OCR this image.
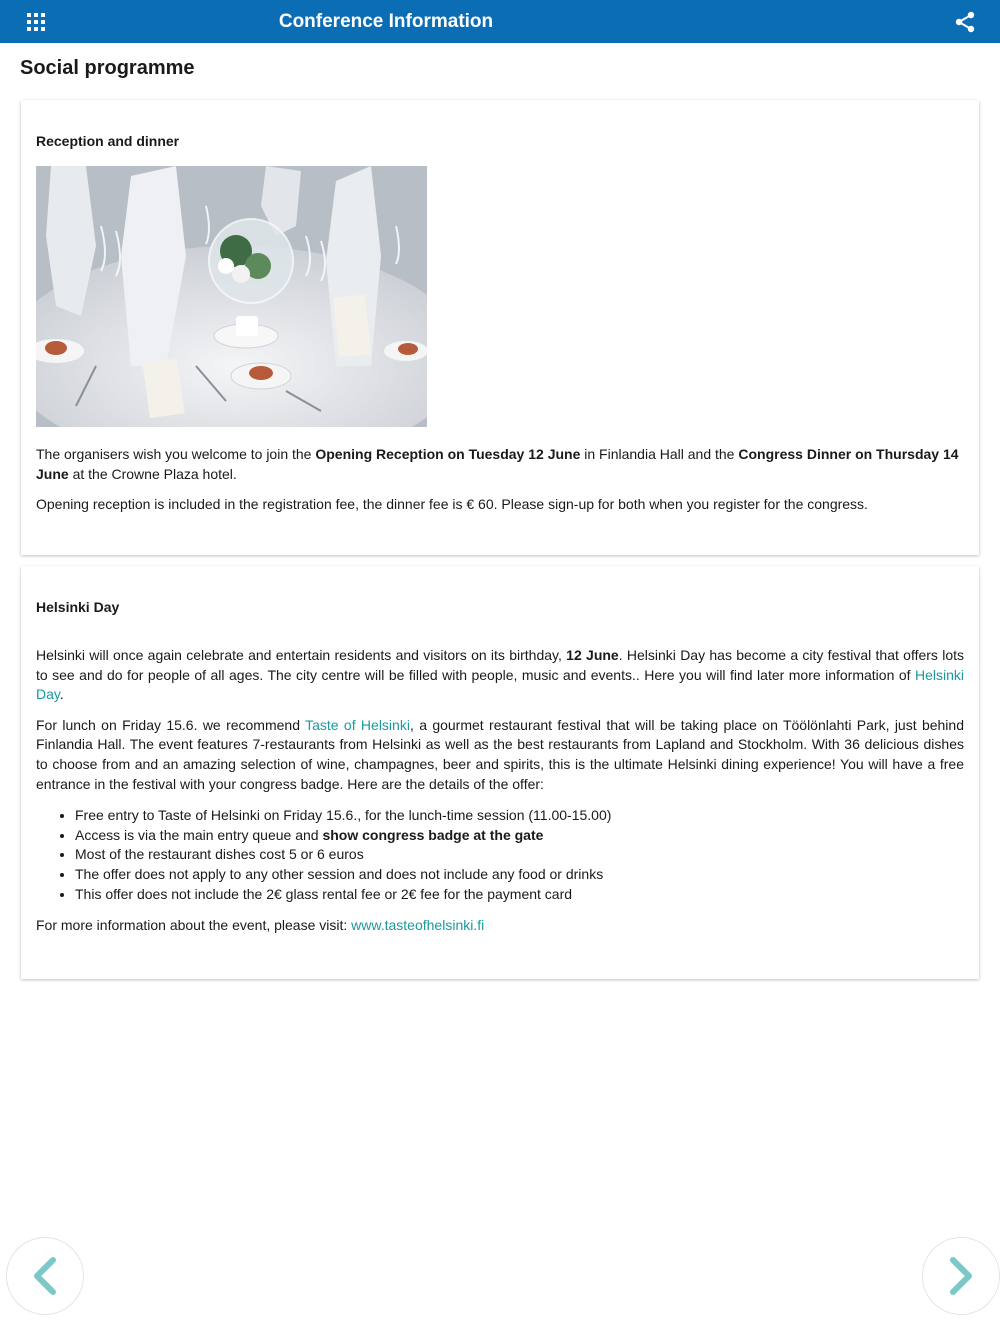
Conference Information
Social programme
Reception and dinner

The organisers wish you welcome to join the Opening Reception on Tuesday 12 June in Finlandia Hall and the Congress Dinner on Thursday 14 June at the Crowne Plaza hotel.

Opening reception is included in the registration fee, the dinner fee is € 60. Please sign-up for both when you register for the congress.

Helsinki Day

Helsinki will once again celebrate and entertain residents and visitors on its birthday, 12 June. Helsinki Day has become a city festival that offers lots to see and do for people of all ages. The city centre will be filled with people, music and events.. Here you will find later more information of Helsinki Day.

For lunch on Friday 15.6. we recommend Taste of Helsinki, a gourmet restaurant festival that will be taking place on Töölönlahti Park, just behind Finlandia Hall. The event features 7-restaurants from Helsinki as well as the best restaurants from Lapland and Stockholm. With 36 delicious dishes to choose from and an amazing selection of wine, champagnes, beer and spirits, this is the ultimate Helsinki dining experience! You will have a free entrance in the festival with your congress badge. Here are the details of the offer:

• Free entry to Taste of Helsinki on Friday 15.6., for the lunch-time session (11.00-15.00)
• Access is via the main entry queue and show congress badge at the gate
• Most of the restaurant dishes cost 5 or 6 euros
• The offer does not apply to any other session and does not include any food or drinks
• This offer does not include the 2€ glass rental fee or 2€ fee for the payment card

For more information about the event, please visit: www.tasteofhelsinki.fi
